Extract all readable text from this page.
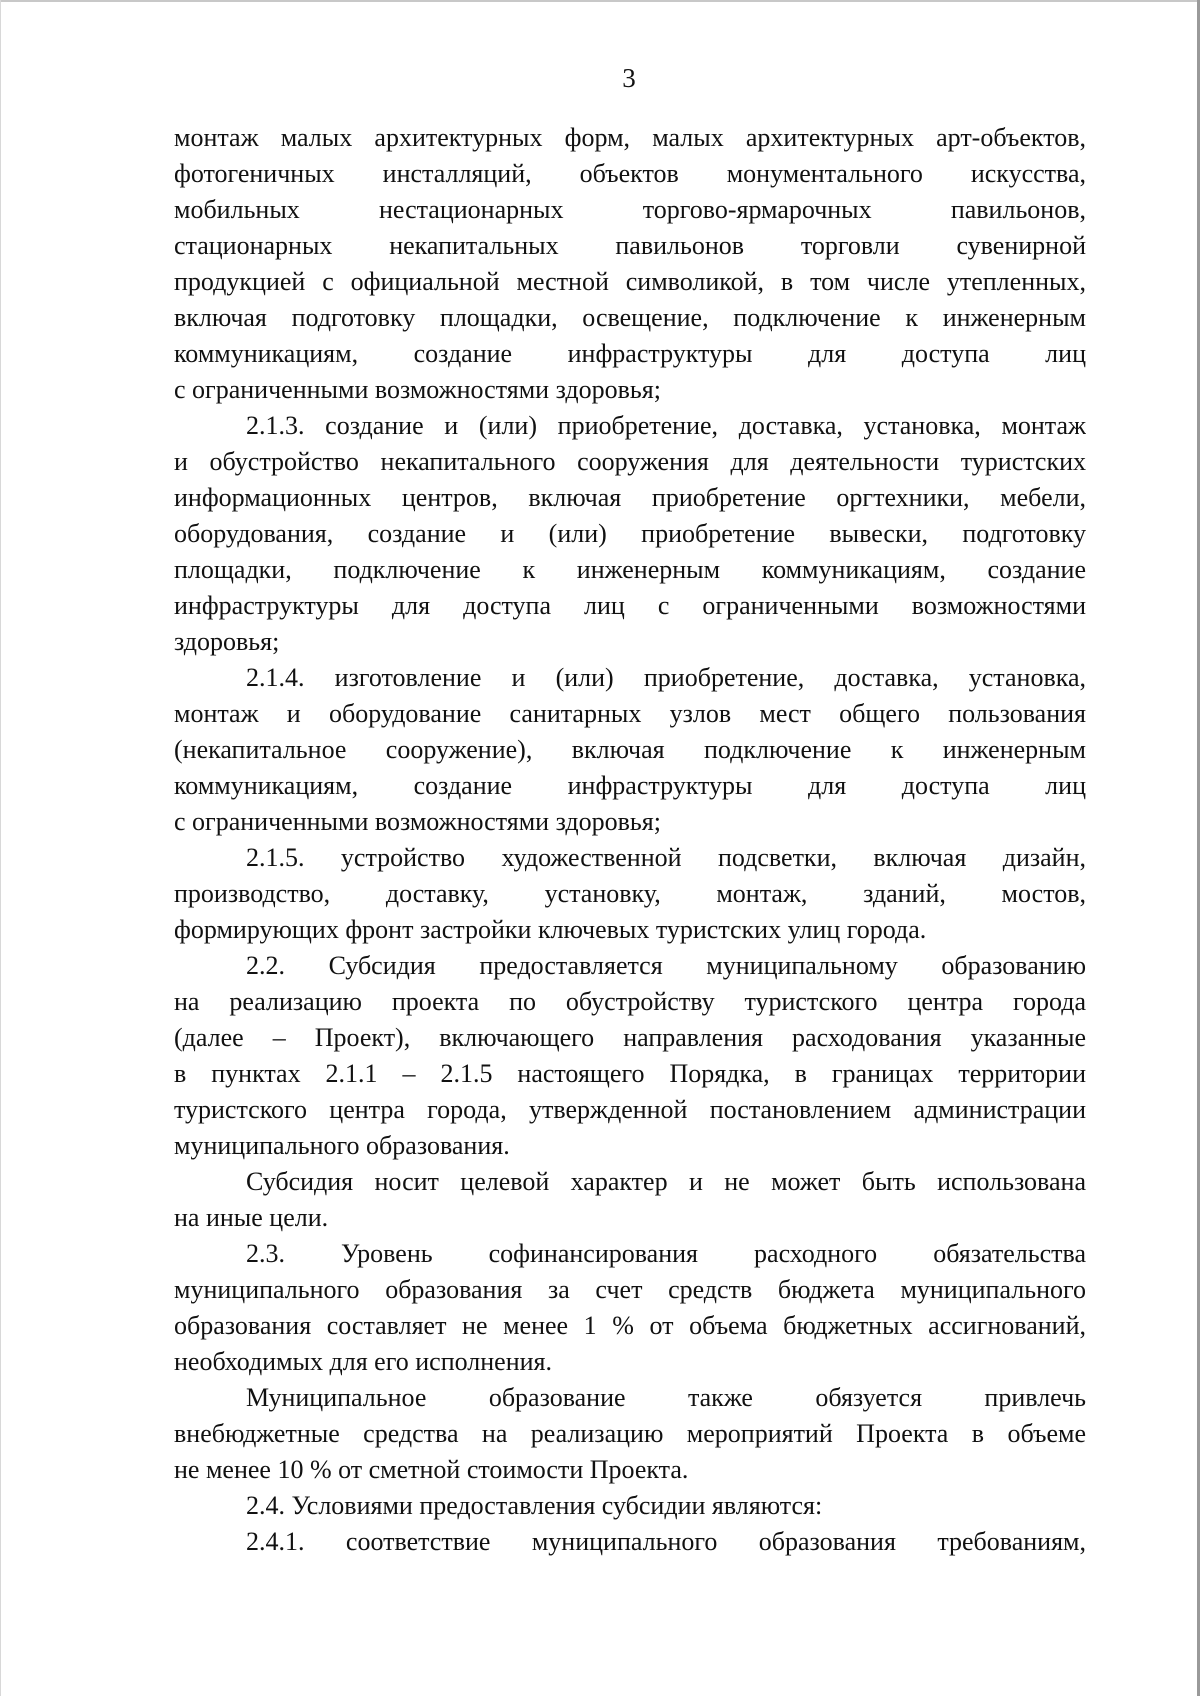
3
монтаж малых архитектурных форм, малых архитектурных арт-объектов,
фотогеничных инсталляций, объектов монументального искусства,
мобильных нестационарных торгово-ярмарочных павильонов,
стационарных некапитальных павильонов торговли сувенирной
продукцией с официальной местной символикой, в том числе утепленных,
включая подготовку площадки, освещение, подключение к инженерным
коммуникациям, создание инфраструктуры для доступа лиц
с ограниченными возможностями здоровья;
2.1.3. создание и (или) приобретение, доставка, установка, монтаж
и обустройство некапитального сооружения для деятельности туристских
информационных центров, включая приобретение оргтехники, мебели,
оборудования, создание и (или) приобретение вывески, подготовку
площадки, подключение к инженерным коммуникациям, создание
инфраструктуры для доступа лиц с ограниченными возможностями
здоровья;
2.1.4. изготовление и (или) приобретение, доставка, установка,
монтаж и оборудование санитарных узлов мест общего пользования
(некапитальное сооружение), включая подключение к инженерным
коммуникациям, создание инфраструктуры для доступа лиц
с ограниченными возможностями здоровья;
2.1.5. устройство художественной подсветки, включая дизайн,
производство, доставку, установку, монтаж, зданий, мостов,
формирующих фронт застройки ключевых туристских улиц города.
2.2. Субсидия предоставляется муниципальному образованию
на реализацию проекта по обустройству туристского центра города
(далее – Проект), включающего направления расходования указанные
в пунктах 2.1.1 – 2.1.5 настоящего Порядка, в границах территории
туристского центра города, утвержденной постановлением администрации
муниципального образования.
Субсидия носит целевой характер и не может быть использована
на иные цели.
2.3. Уровень софинансирования расходного обязательства
муниципального образования за счет средств бюджета муниципального
образования составляет не менее 1 % от объема бюджетных ассигнований,
необходимых для его исполнения.
Муниципальное образование также обязуется привлечь
внебюджетные средства на реализацию мероприятий Проекта в объеме
не менее 10 % от сметной стоимости Проекта.
2.4. Условиями предоставления субсидии являются:
2.4.1. соответствие муниципального образования требованиям,
